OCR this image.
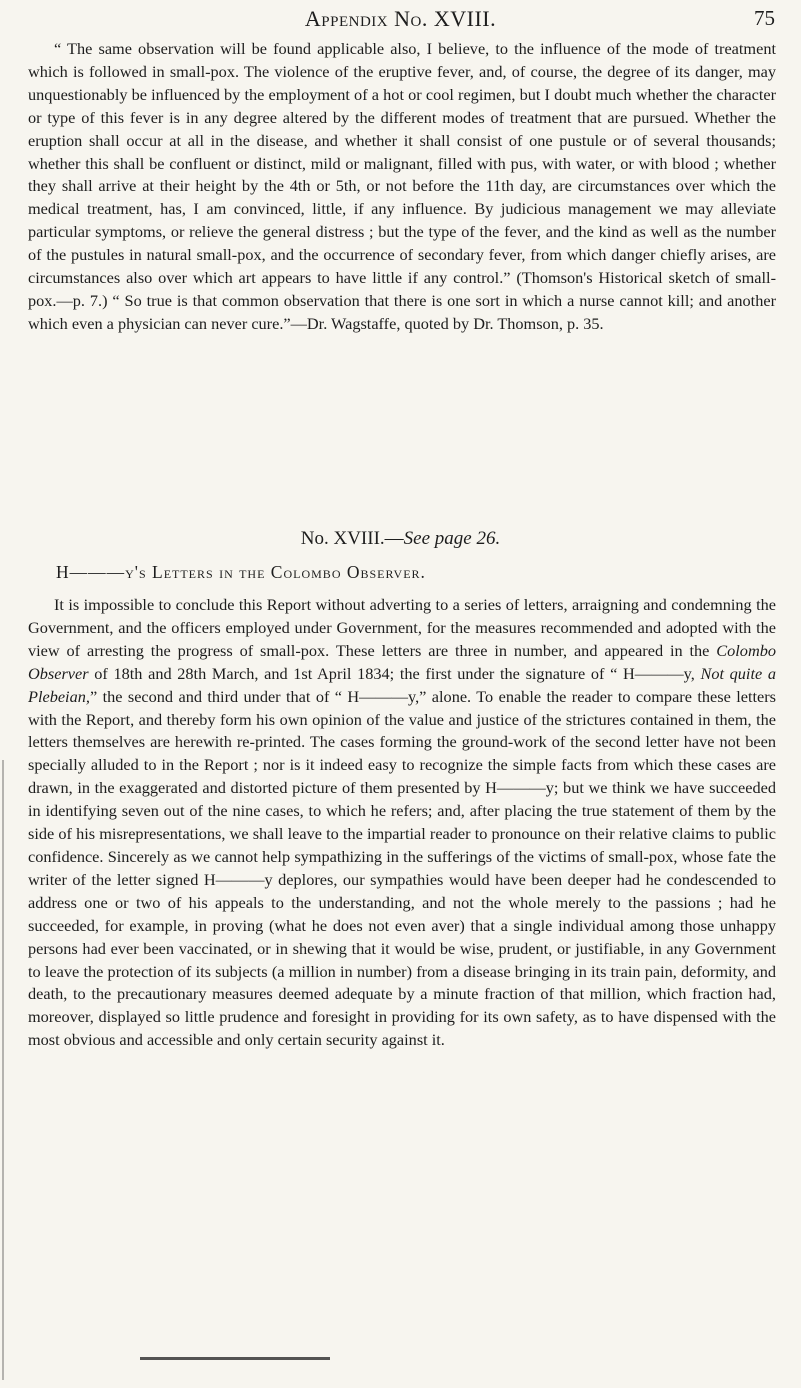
Appendix No. XVIII.	75

“ The same observation will be found applicable also, I believe, to the influence of the mode of treatment which is followed in small-pox. The violence of the eruptive fever, and, of course, the degree of its danger, may unquestionably be influenced by the employment of a hot or cool regimen, but I doubt much whether the character or type of this fever is in any degree altered by the different modes of treatment that are pursued. Whether the eruption shall occur at all in the disease, and whether it shall consist of one pustule or of several thousands; whether this shall be confluent or distinct, mild or malignant, filled with pus, with water, or with blood ; whether they shall arrive at their height by the 4th or 5th, or not before the 11th day, are circumstances over which the medical treatment, has, I am convinced, little, if any influence. By judicious management we may alleviate particular symptoms, or relieve the general distress ; but the type of the fever, and the kind as well as the number of the pustules in natural small-pox, and the occurrence of secondary fever, from which danger chiefly arises, are circumstances also over which art appears to have little if any control.” (Thomson's Historical sketch of small-pox.—p. 7.) “ So true is that common observation that there is one sort in which a nurse cannot kill; and another which even a physician can never cure.”—Dr. Wagstaffe, quoted by Dr. Thomson, p. 35.

No. XVIII.—See page 26.
H———y's Letters in the Colombo Observer.

It is impossible to conclude this Report without adverting to a series of letters, arraigning and condemning the Government, and the officers employed under Government, for the measures recommended and adopted with the view of arresting the progress of small-pox. These letters are three in number, and appeared in the Colombo Observer of 18th and 28th March, and 1st April 1834; the first under the signature of “ H———y, Not quite a Plebeian,” the second and third under that of “ H———y,” alone. To enable the reader to compare these letters with the Report, and thereby form his own opinion of the value and justice of the strictures contained in them, the letters themselves are herewith re-printed. The cases forming the ground-work of the second letter have not been specially alluded to in the Report ; nor is it indeed easy to recognize the simple facts from which these cases are drawn, in the exaggerated and distorted picture of them presented by H———y; but we think we have succeeded in identifying seven out of the nine cases, to which he refers; and, after placing the true statement of them by the side of his misrepresentations, we shall leave to the impartial reader to pronounce on their relative claims to public confidence. Sincerely as we cannot help sympathizing in the sufferings of the victims of small-pox, whose fate the writer of the letter signed H———y deplores, our sympathies would have been deeper had he condescended to address one or two of his appeals to the understanding, and not the whole merely to the passions ; had he succeeded, for example, in proving (what he does not even aver) that a single individual among those unhappy persons had ever been vaccinated, or in shewing that it would be wise, prudent, or justifiable, in any Government to leave the protection of its subjects (a million in number) from a disease bringing in its train pain, deformity, and death, to the precautionary measures deemed adequate by a minute fraction of that million, which fraction had, moreover, displayed so little prudence and foresight in providing for its own safety, as to have dispensed with the most obvious and accessible and only certain security against it.
